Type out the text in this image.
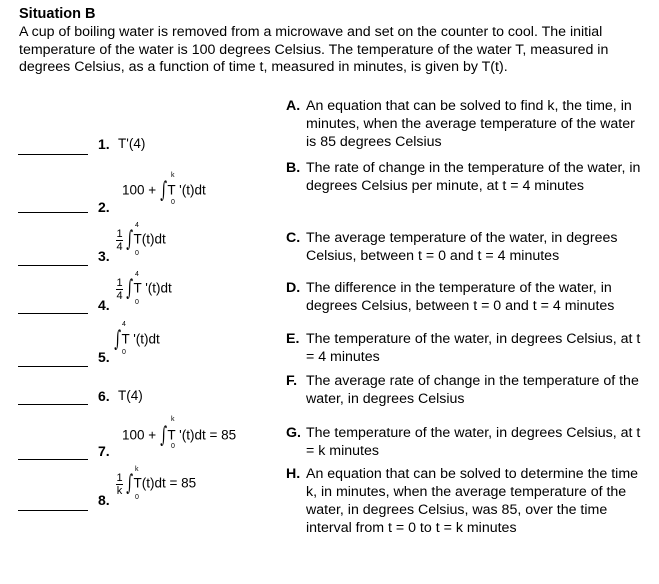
Situation B
A cup of boiling water is removed from a microwave and set on the counter to cool. The initial temperature of the water is 100 degrees Celsius. The temperature of the water T, measured in degrees Celsius, as a function of time t, measured in minutes, is given by T(t).
1. T'(4)
2.
k
100 + ∫T '(t)dt
0
3.
1
4
4
∫T(t)dt
0
4.
1
4
4
∫T '(t)dt
0
5.
4
∫T '(t)dt
0
6. T(4)
7.
k
100 + ∫T '(t)dt = 85
0
8.
1
k
k
∫T(t)dt = 85
0
A. An equation that can be solved to find k, the time, in minutes, when the average temperature of the water is 85 degrees Celsius
B. The rate of change in the temperature of the water, in degrees Celsius per minute, at t = 4 minutes
C. The average temperature of the water, in degrees Celsius, between t = 0 and t = 4 minutes
D. The difference in the temperature of the water, in degrees Celsius, between t = 0 and t = 4 minutes
E. The temperature of the water, in degrees Celsius, at t = 4 minutes
F. The average rate of change in the temperature of the water, in degrees Celsius
G. The temperature of the water, in degrees Celsius, at t = k minutes
H. An equation that can be solved to determine the time k, in minutes, when the average temperature of the water, in degrees Celsius, was 85, over the time interval from t = 0 to t = k minutes
